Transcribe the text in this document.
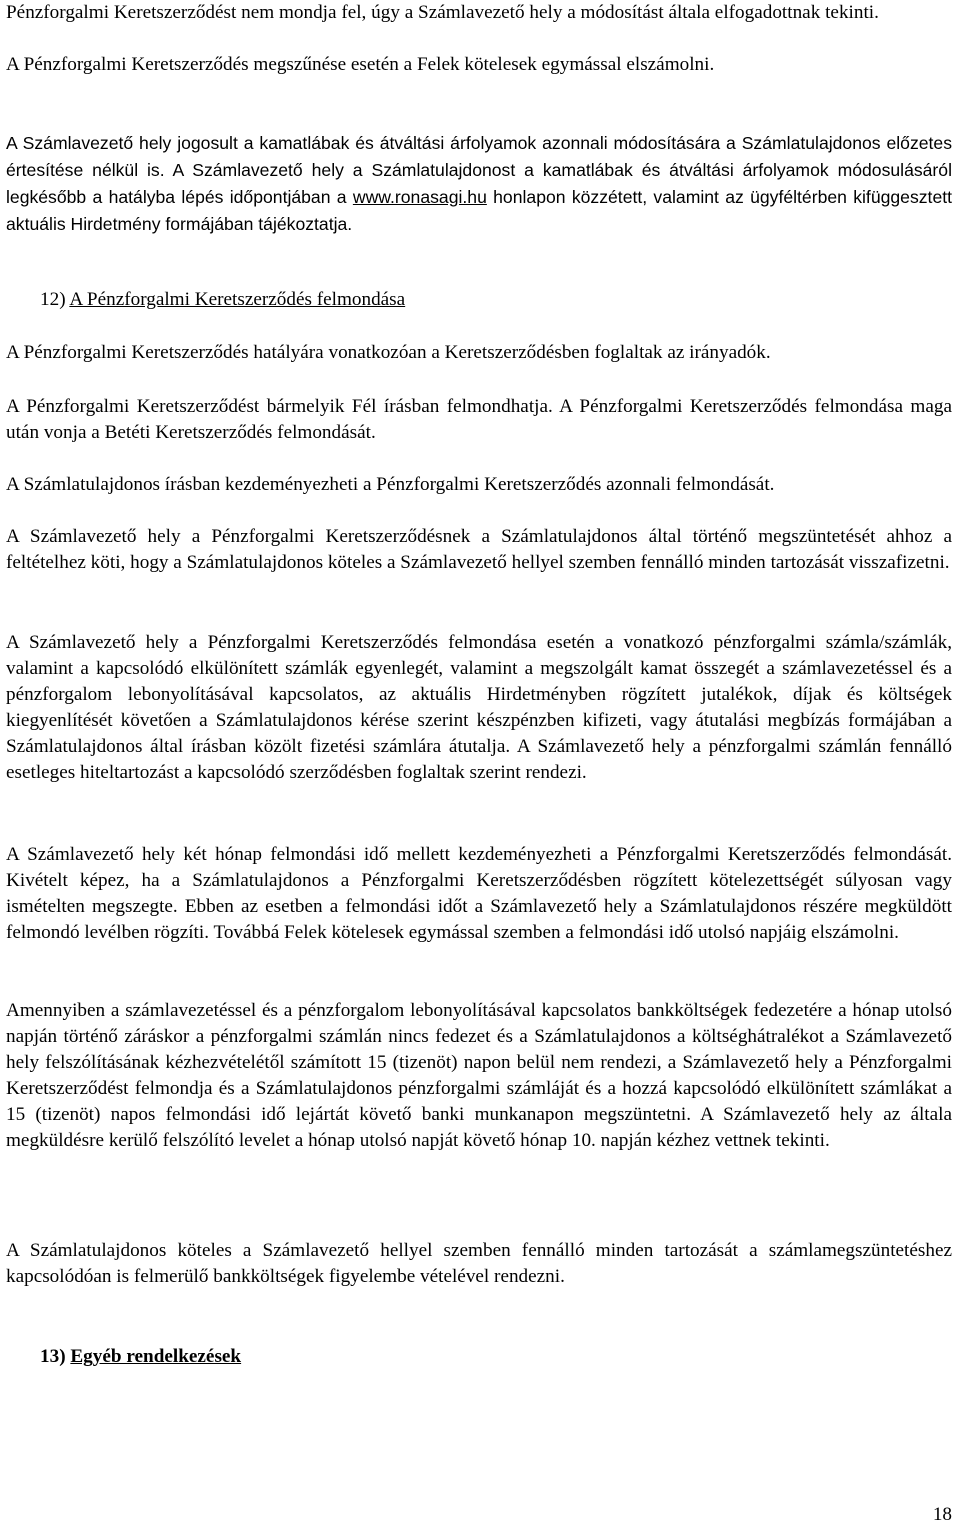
Pénzforgalmi Keretszerződést nem mondja fel, úgy a Számlavezető hely a módosítást általa elfogadottnak tekinti.

A Pénzforgalmi Keretszerződés megszűnése esetén a Felek kötelesek egymással elszámolni.

A Számlavezető hely jogosult a kamatlábak és átváltási árfolyamok azonnali módosítására a Számlatulajdonos előzetes értesítése nélkül is. A Számlavezető hely a Számlatulajdonost a kamatlábak és átváltási árfolyamok módosulásáról legkésőbb a hatályba lépés időpontjában a www.ronasagi.hu honlapon közzétett, valamint az ügyféltérben kifüggesztett aktuális Hirdetmény formájában tájékoztatja.

12) A Pénzforgalmi Keretszerződés felmondása

A Pénzforgalmi Keretszerződés hatályára vonatkozóan a Keretszerződésben foglaltak az irányadók.

A Pénzforgalmi Keretszerződést bármelyik Fél írásban felmondhatja. A Pénzforgalmi Keretszerződés felmondása maga után vonja a Betéti Keretszerződés felmondását.

A Számlatulajdonos írásban kezdeményezheti a Pénzforgalmi Keretszerződés azonnali felmondását.

A Számlavezető hely a Pénzforgalmi Keretszerződésnek a Számlatulajdonos által történő megszüntetését ahhoz a feltételhez köti, hogy a Számlatulajdonos köteles a Számlavezető hellyel szemben fennálló minden tartozását visszafizetni.

A Számlavezető hely a Pénzforgalmi Keretszerződés felmondása esetén a vonatkozó pénzforgalmi számla/számlák, valamint a kapcsolódó elkülönített számlák egyenlegét, valamint a megszolgált kamat összegét a számlavezetéssel és a pénzforgalom lebonyolításával kapcsolatos, az aktuális Hirdetményben rögzített jutalékok, díjak és költségek kiegyenlítését követően a Számlatulajdonos kérése szerint készpénzben kifizeti, vagy átutalási megbízás formájában a Számlatulajdonos által írásban közölt fizetési számlára átutalja. A Számlavezető hely a pénzforgalmi számlán fennálló esetleges hiteltartozást a kapcsolódó szerződésben foglaltak szerint rendezi.

A Számlavezető hely két hónap felmondási idő mellett kezdeményezheti a Pénzforgalmi Keretszerződés felmondását. Kivételt képez, ha a Számlatulajdonos a Pénzforgalmi Keretszerződésben rögzített kötelezettségét súlyosan vagy ismételten megszegte. Ebben az esetben a felmondási időt a Számlavezető hely a Számlatulajdonos részére megküldött felmondó levélben rögzíti. Továbbá Felek kötelesek egymással szemben a felmondási idő utolsó napjáig elszámolni.

Amennyiben a számlavezetéssel és a pénzforgalom lebonyolításával kapcsolatos bankköltségek fedezetére a hónap utolsó napján történő záráskor a pénzforgalmi számlán nincs fedezet és a Számlatulajdonos a költséghátralékot a Számlavezető hely felszólításának kézhezvételétől számított 15 (tizenöt) napon belül nem rendezi, a Számlavezető hely a Pénzforgalmi Keretszerződést felmondja és a Számlatulajdonos pénzforgalmi számláját és a hozzá kapcsolódó elkülönített számlákat a 15 (tizenöt) napos felmondási idő lejártát követő banki munkanapon megszüntetni. A Számlavezető hely az általa megküldésre kerülő felszólító levelet a hónap utolsó napját követő hónap 10. napján kézhez vettnek tekinti.

A Számlatulajdonos köteles a Számlavezető hellyel szemben fennálló minden tartozását a számlamegszüntetéshez kapcsolódóan is felmerülő bankköltségek figyelembe vételével rendezni.

13) Egyéb rendelkezések
18
